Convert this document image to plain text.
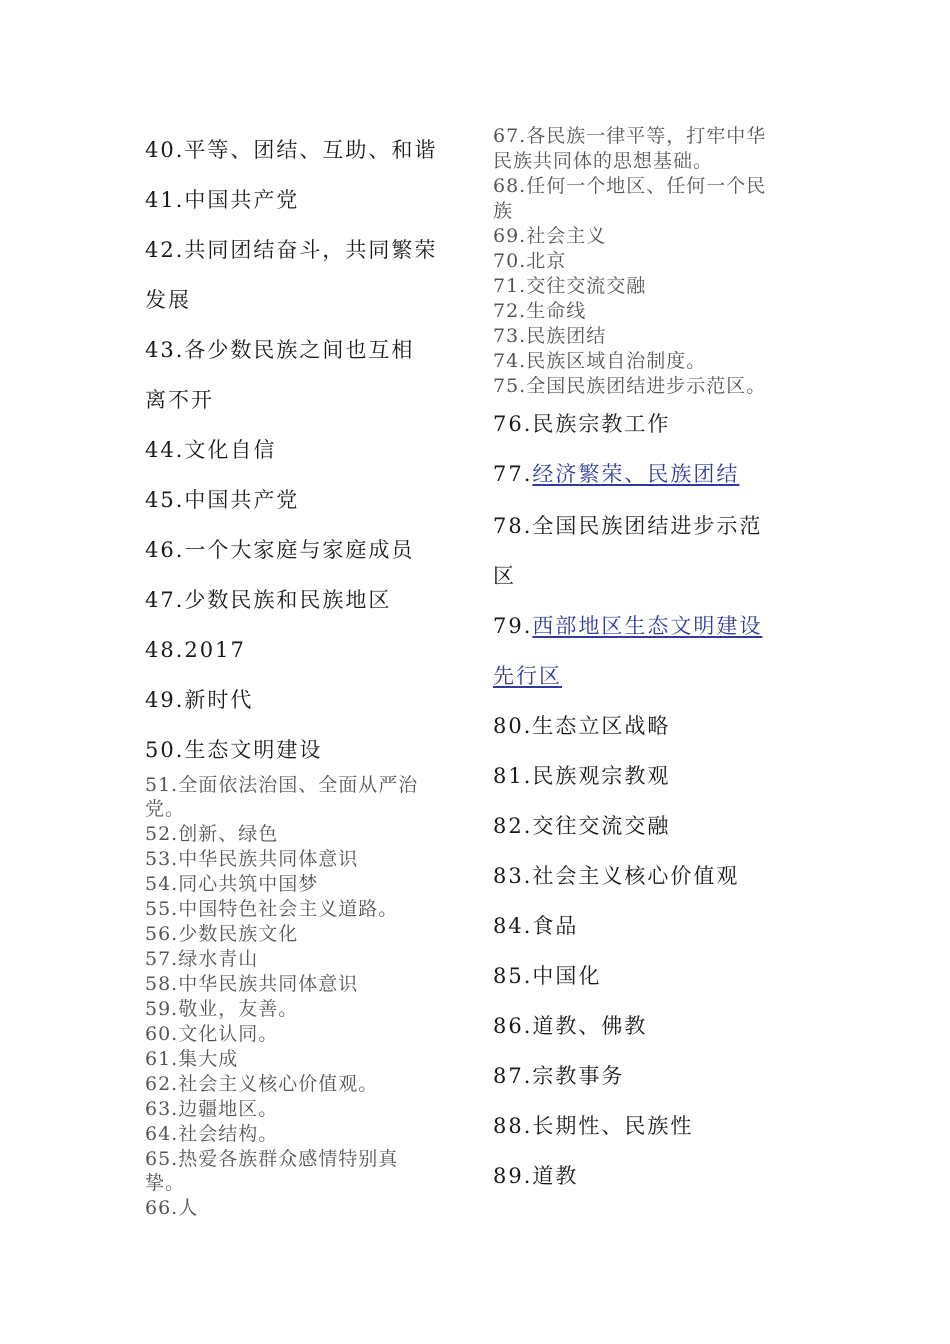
40.平等、团结、互助、和谐
41.中国共产党
42.共同团结奋斗，共同繁荣
发展
43.各少数民族之间也互相
离不开
44.文化自信
45.中国共产党
46.一个大家庭与家庭成员
47.少数民族和民族地区
48.2017
49.新时代
50.生态文明建设
51.全面依法治国、全面从严治
党。
52.创新、绿色
53.中华民族共同体意识
54.同心共筑中国梦
55.中国特色社会主义道路。
56.少数民族文化
57.绿水青山
58.中华民族共同体意识
59.敬业，友善。
60.文化认同。
61.集大成
62.社会主义核心价值观。
63.边疆地区。
64.社会结构。
65.热爱各族群众感情特别真
挚。
66.人
67.各民族一律平等，打牢中华
民族共同体的思想基础。
68.任何一个地区、任何一个民
族
69.社会主义
70.北京
71.交往交流交融
72.生命线
73.民族团结
74.民族区域自治制度。
75.全国民族团结进步示范区。
76.民族宗教工作
77.经济繁荣、民族团结
78.全国民族团结进步示范
区
79.西部地区生态文明建设
先行区
80.生态立区战略
81.民族观宗教观
82.交往交流交融
83.社会主义核心价值观
84.食品
85.中国化
86.道教、佛教
87.宗教事务
88.长期性、民族性
89.道教
